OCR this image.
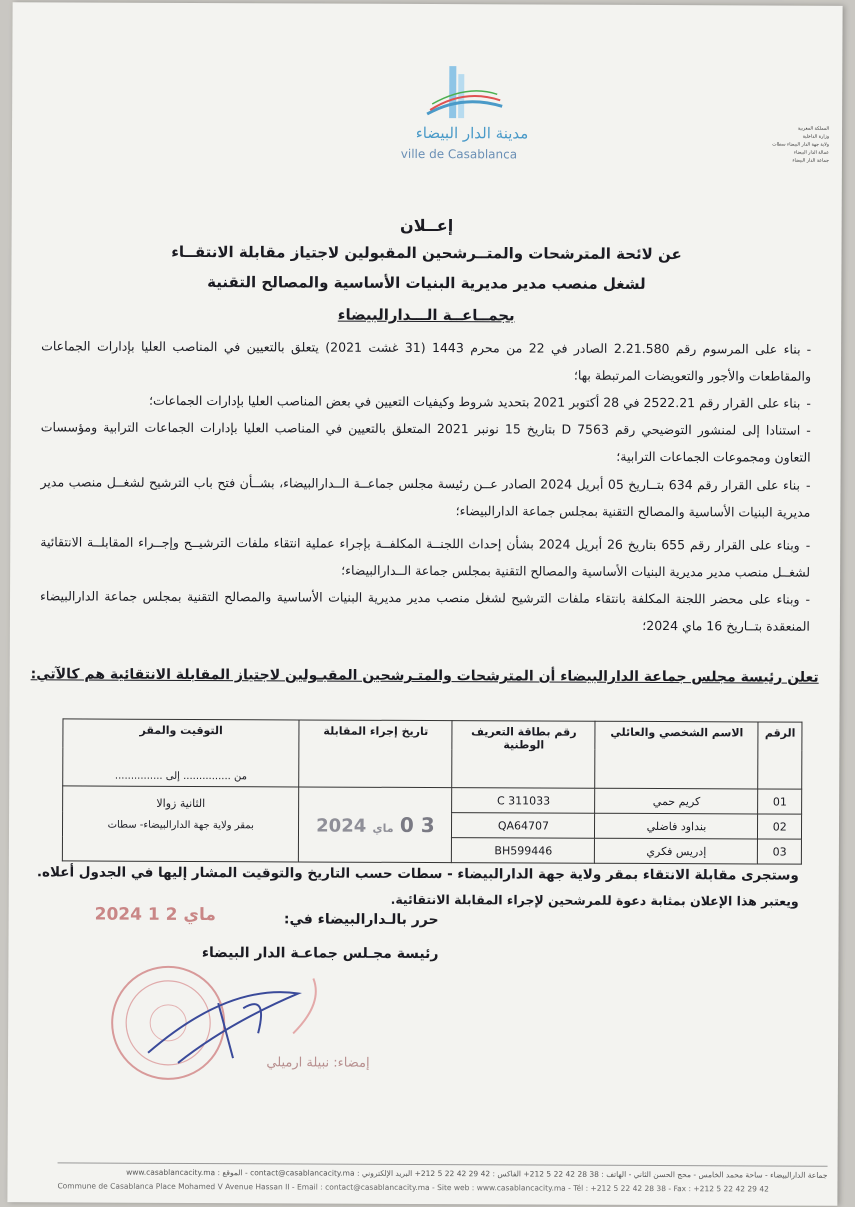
مدينة الدار البيضاء
ville de Casablanca
المملكة المغربية
وزارة الداخلية
ولاية جهة الدار البيضاء سطات
عمالة الدار البيضاء
جماعة الدار البيضاء
إعــلان
عن لائحة المترشحات والمتــرشحين المقبولين لاجتياز مقابلة الانتقــاء
لشغل منصب مدير مديرية البنيات الأساسية والمصالح التقنية
بجمــاعــة الـــدارالبيضاء
-بناء على المرسوم رقم 2.21.580 الصادر في 22 من محرم 1443 (31 غشت 2021) يتعلق بالتعيين في المناصب العليا بإدارات الجماعات والمقاطعات والأجور والتعويضات المرتبطة بها؛
-بناء على القرار رقم 2522.21 في 28 أكتوبر 2021 بتحديد شروط وكيفيات التعيين في بعض المناصب العليا بإدارات الجماعات؛
-استنادا إلى لمنشور التوضيحي رقم D 7563 بتاريخ 15 نونبر 2021 المتعلق بالتعيين في المناصب العليا بإدارات الجماعات الترابية ومؤسسات التعاون ومجموعات الجماعات الترابية؛
-بناء على القرار رقم 634 بتــاريخ 05 أبريل 2024 الصادر عــن رئيسة مجلس جماعــة الــدارالبيضاء، بشــأن فتح باب الترشيح لشغــل منصب مدير مديرية البنيات الأساسية والمصالح التقنية بمجلس جماعة الدارالبيضاء؛
-وبناء على القرار رقم 655 بتاريخ 26 أبريل 2024 بشأن إحداث اللجنــة المكلفــة بإجراء عملية انتقاء ملفات الترشيــح وإجــراء المقابلــة الانتقائية لشغــل منصب مدير مديرية البنيات الأساسية والمصالح التقنية بمجلس جماعة الــدارالبيضاء؛
-وبناء على محضر اللجنة المكلفة بانتقاء ملفات الترشيح لشغل منصب مدير مديرية البنيات الأساسية والمصالح التقنية بمجلس جماعة الدارالبيضاء المنعقدة بتــاريخ 16 ماي 2024؛
تعلن رئيسة مجلس جماعة الدارالبيضاء أن المترشحات والمتـرشحين المقبـولين لاجتياز المقابلة الانتقائية هم كالآتي:
الرقم	الاسم الشخصي والعائلي	رقم بطاقة التعريف الوطنية	تاريخ إجراء المقابلة	التوقيت والمقر
				من ............... إلى ...............
01	كريم حمي	C 311033	3 0 ماي 2024	الثانية زوالا
بمقر ولاية جهة الدارالبيضاء- سطات

02	بنداود فاضلي	QA64707		
03	إدريس فكري	BH599446		
وستجرى مقابلة الانتقاء بمقر ولاية جهة الدارالبيضاء - سطات حسب التاريخ والتوقيت المشار إليها في الجدول أعلاه.
ويعتبر هذا الإعلان بمثابة دعوة للمرشحين لإجراء المقابلة الانتقائية.
2024 ماي 2 1	حرر بالـدارالبيضاء في:
رئيسة مجـلس جماعـة الدار البيضاء
إمضاء: نبيلة ارميلي
جماعة الدارالبيضاء - ساحة محمد الخامس - محج الحسن الثاني - الهاتف : 38 28 42 22 5 212+ الفاكس : 42 29 42 22 5 212+ البريد الإلكتروني : contact@casablancacity.ma - الموقع : www.casablancacity.ma
Commune de Casablanca Place Mohamed V Avenue Hassan II - Email : contact@casablancacity.ma - Site web : www.casablancacity.ma - Tél : +212 5 22 42 28 38 - Fax : +212 5 22 42 29 42
